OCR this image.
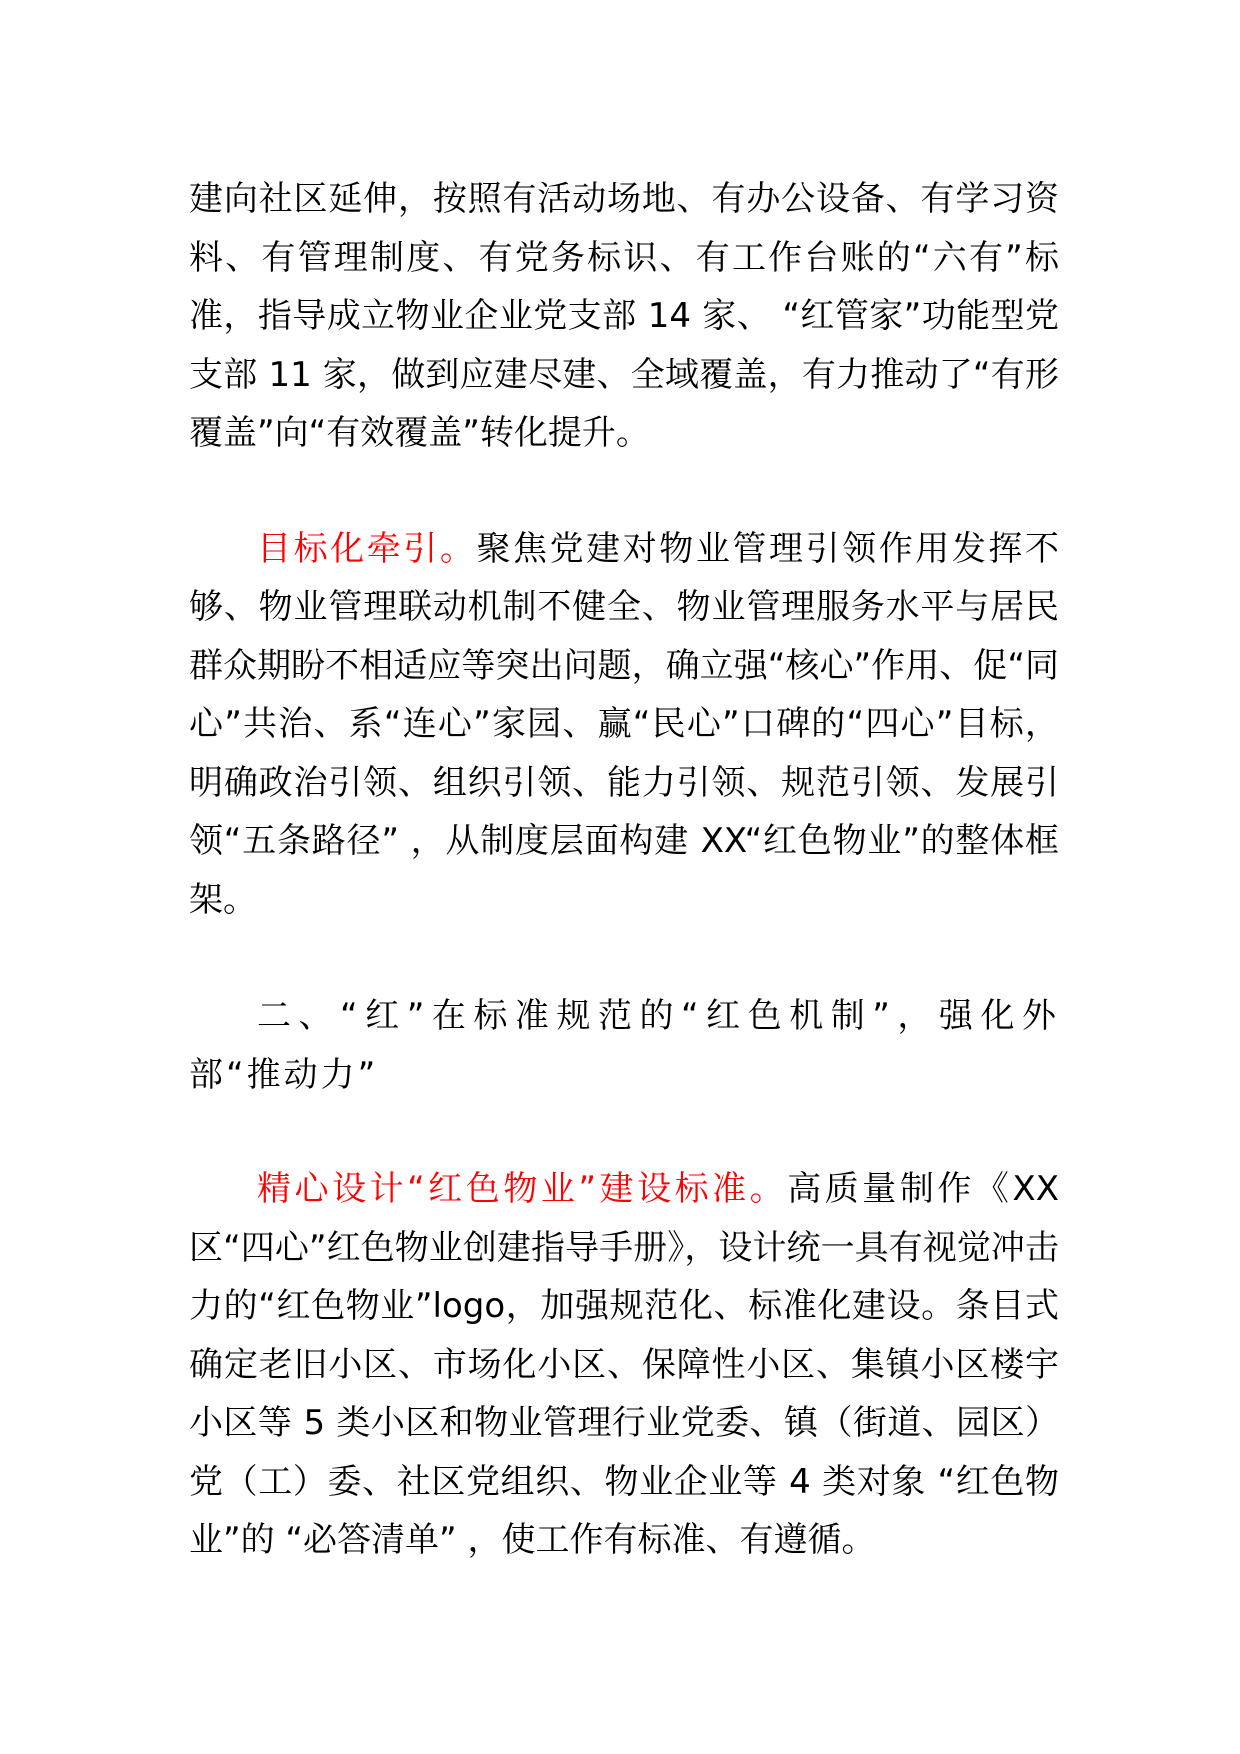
建向社区延伸，按照有活动场地、有办公设备、有学习资料、有管理制度、有党务标识、有工作台账的“六有”标准，指导成立物业企业党支部 14 家、 “红管家”功能型党支部 11 家，做到应建尽建、全域覆盖，有力推动了“有形覆盖”向“有效覆盖”转化提升。

目标化牵引。聚焦党建对物业管理引领作用发挥不够、物业管理联动机制不健全、物业管理服务水平与居民群众期盼不相适应等突出问题，确立强“核心”作用、促“同心”共治、系“连心”家园、赢“民心”口碑的“四心”目标，明确政治引领、组织引领、能力引领、规范引领、发展引领“五条路径” ，从制度层面构建 XX“红色物业”的整体框架。

二、“红”在标准规范的“红色机制”，强化外部“推动力”

精心设计“红色物业”建设标准。高质量制作《XX 区“四心”红色物业创建指导手册》，设计统一具有视觉冲击力的“红色物业”logo，加强规范化、标准化建设。条目式确定老旧小区、市场化小区、保障性小区、集镇小区楼宇小区等 5 类小区和物业管理行业党委、镇（街道、园区）党（工）委、社区党组织、物业企业等 4 类对象 “红色物业”的 “必答清单” ，使工作有标准、有遵循。
